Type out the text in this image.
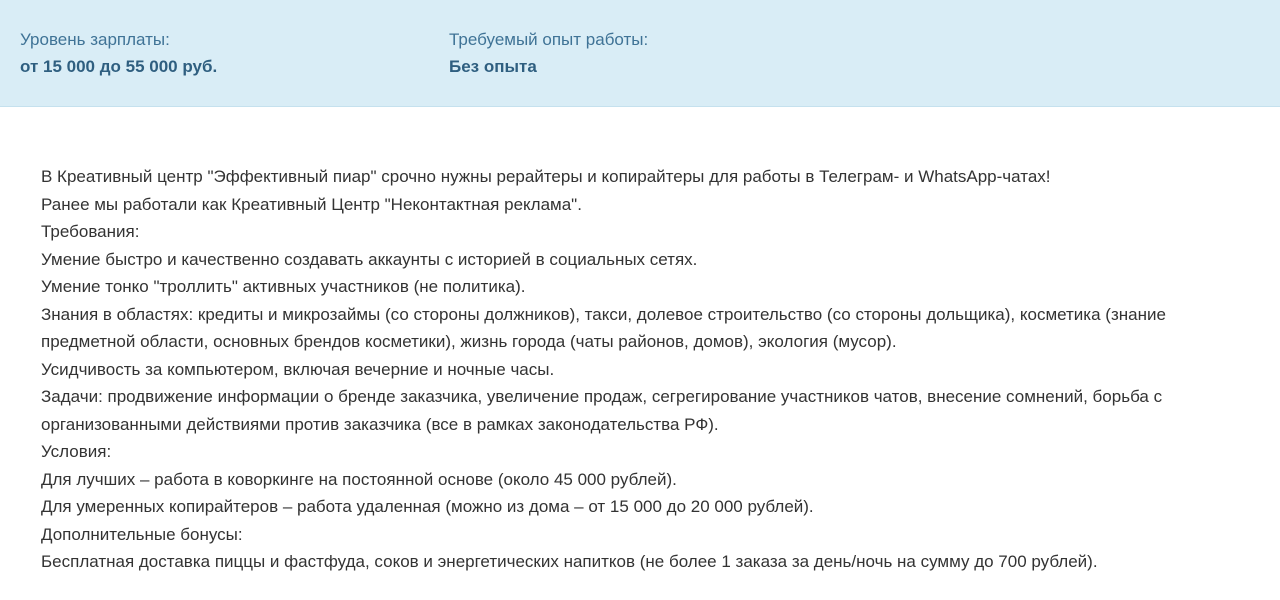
Уровень зарплаты:
от 15 000 до 55 000 руб.
Требуемый опыт работы:
Без опыта

В Креативный центр "Эффективный пиар" срочно нужны рерайтеры и копирайтеры для работы в Телеграм- и WhatsApp-чатах!

Ранее мы работали как Креативный Центр "Неконтактная реклама".

Требования:

Умение быстро и качественно создавать аккаунты с историей в социальных сетях.

Умение тонко "троллить" активных участников (не политика).

Знания в областях: кредиты и микрозаймы (со стороны должников), такси, долевое строительство (со стороны дольщика), косметика (знание предметной области, основных брендов косметики), жизнь города (чаты районов, домов), экология (мусор).

Усидчивость за компьютером, включая вечерние и ночные часы.

Задачи: продвижение информации о бренде заказчика, увеличение продаж, сегрегирование участников чатов, внесение сомнений, борьба с организованными действиями против заказчика (все в рамках законодательства РФ).

Условия:

Для лучших – работа в коворкинге на постоянной основе (около 45 000 рублей).

Для умеренных копирайтеров – работа удаленная (можно из дома – от 15 000 до 20 000 рублей).

Дополнительные бонусы:

Бесплатная доставка пиццы и фастфуда, соков и энергетических напитков (не более 1 заказа за день/ночь на сумму до 700 рублей).
